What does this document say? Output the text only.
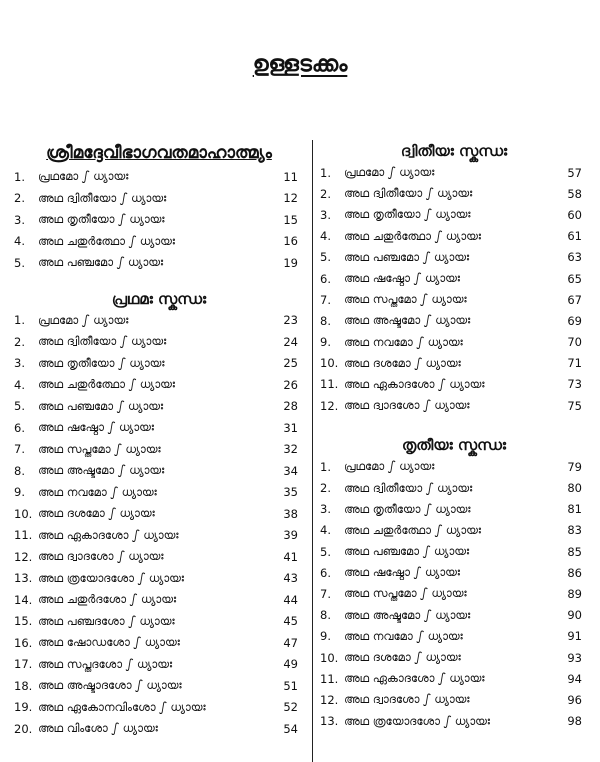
ഉള്ളടക്കം
ശ്രീമദ്ദേവീഭാഗവതമാഹാത്മ്യം
1.	പ്രഥമോ ഽ ധ്യായഃ	11
2.	അഥ ദ്വിതീയോ ഽ ധ്യായഃ	12
3.	അഥ തൃതീയോ ഽ ധ്യായഃ	15
4.	അഥ ചതുർത്ഥോ ഽ ധ്യായഃ	16
5.	അഥ പഞ്ചമോ ഽ ധ്യായഃ	19
പ്രഥമഃ സ്കന്ധഃ
1.	പ്രഥമോ ഽ ധ്യായഃ	23
2.	അഥ ദ്വിതീയോ ഽ ധ്യായഃ	24
3.	അഥ തൃതീയോ ഽ ധ്യായഃ	25
4.	അഥ ചതുർത്ഥോ ഽ ധ്യായഃ	26
5.	അഥ പഞ്ചമോ ഽ ധ്യായഃ	28
6.	അഥ ഷഷ്ഠോ ഽ ധ്യായഃ	31
7.	അഥ സപ്തമോ ഽ ധ്യായഃ	32
8.	അഥ അഷ്ടമോ ഽ ധ്യായഃ	34
9.	അഥ നവമോ ഽ ധ്യായഃ	35
10. അഥ ദശമോ ഽ ധ്യായഃ	38
11. അഥ ഏകാദശോ ഽ ധ്യായഃ	39
12. അഥ ദ്വാദശോ ഽ ധ്യായഃ	41
13. അഥ ത്രയോദശോ ഽ ധ്യായഃ	43
14. അഥ ചതുർദശോ ഽ ധ്യായഃ	44
15. അഥ പഞ്ചദശോ ഽ ധ്യായഃ	45
16. അഥ ഷോഡശോ ഽ ധ്യായഃ	47
17. അഥ സപ്തദശോ ഽ ധ്യായഃ	49
18. അഥ അഷ്ടാദശോ ഽ ധ്യായഃ	51
19. അഥ ഏകോനവിംശോ ഽ ധ്യായഃ	52
20. അഥ വിംശോ ഽ ധ്യായഃ	54
ദ്വിതീയഃ സ്കന്ധഃ
1.	പ്രഥമോ ഽ ധ്യായഃ	57
2.	അഥ ദ്വിതീയോ ഽ ധ്യായഃ	58
3.	അഥ തൃതീയോ ഽ ധ്യായഃ	60
4.	അഥ ചതുർത്ഥോ ഽ ധ്യായഃ	61
5.	അഥ പഞ്ചമോ ഽ ധ്യായഃ	63
6.	അഥ ഷഷ്ഠോ ഽ ധ്യായഃ	65
7.	അഥ സപ്തമോ ഽ ധ്യായഃ	67
8.	അഥ അഷ്ടമോ ഽ ധ്യായഃ	69
9.	അഥ നവമോ ഽ ധ്യായഃ	70
10. അഥ ദശമോ ഽ ധ്യായഃ	71
11. അഥ ഏകാദശോ ഽ ധ്യായഃ	73
12. അഥ ദ്വാദശോ ഽ ധ്യായഃ	75
തൃതീയഃ സ്കന്ധഃ
1.	പ്രഥമോ ഽ ധ്യായഃ	79
2.	അഥ ദ്വിതീയോ ഽ ധ്യായഃ	80
3.	അഥ തൃതീയോ ഽ ധ്യായഃ	81
4.	അഥ ചതുർത്ഥോ ഽ ധ്യായഃ	83
5.	അഥ പഞ്ചമോ ഽ ധ്യായഃ	85
6.	അഥ ഷഷ്ഠോ ഽ ധ്യായഃ	86
7.	അഥ സപ്തമോ ഽ ധ്യായഃ	89
8.	അഥ അഷ്ടമോ ഽ ധ്യായഃ	90
9.	അഥ നവമോ ഽ ധ്യായഃ	91
10. അഥ ദശമോ ഽ ധ്യായഃ	93
11. അഥ ഏകാദശോ ഽ ധ്യായഃ	94
12. അഥ ദ്വാദശോ ഽ ധ്യായഃ	96
13. അഥ ത്രയോദശോ ഽ ധ്യായഃ	98
